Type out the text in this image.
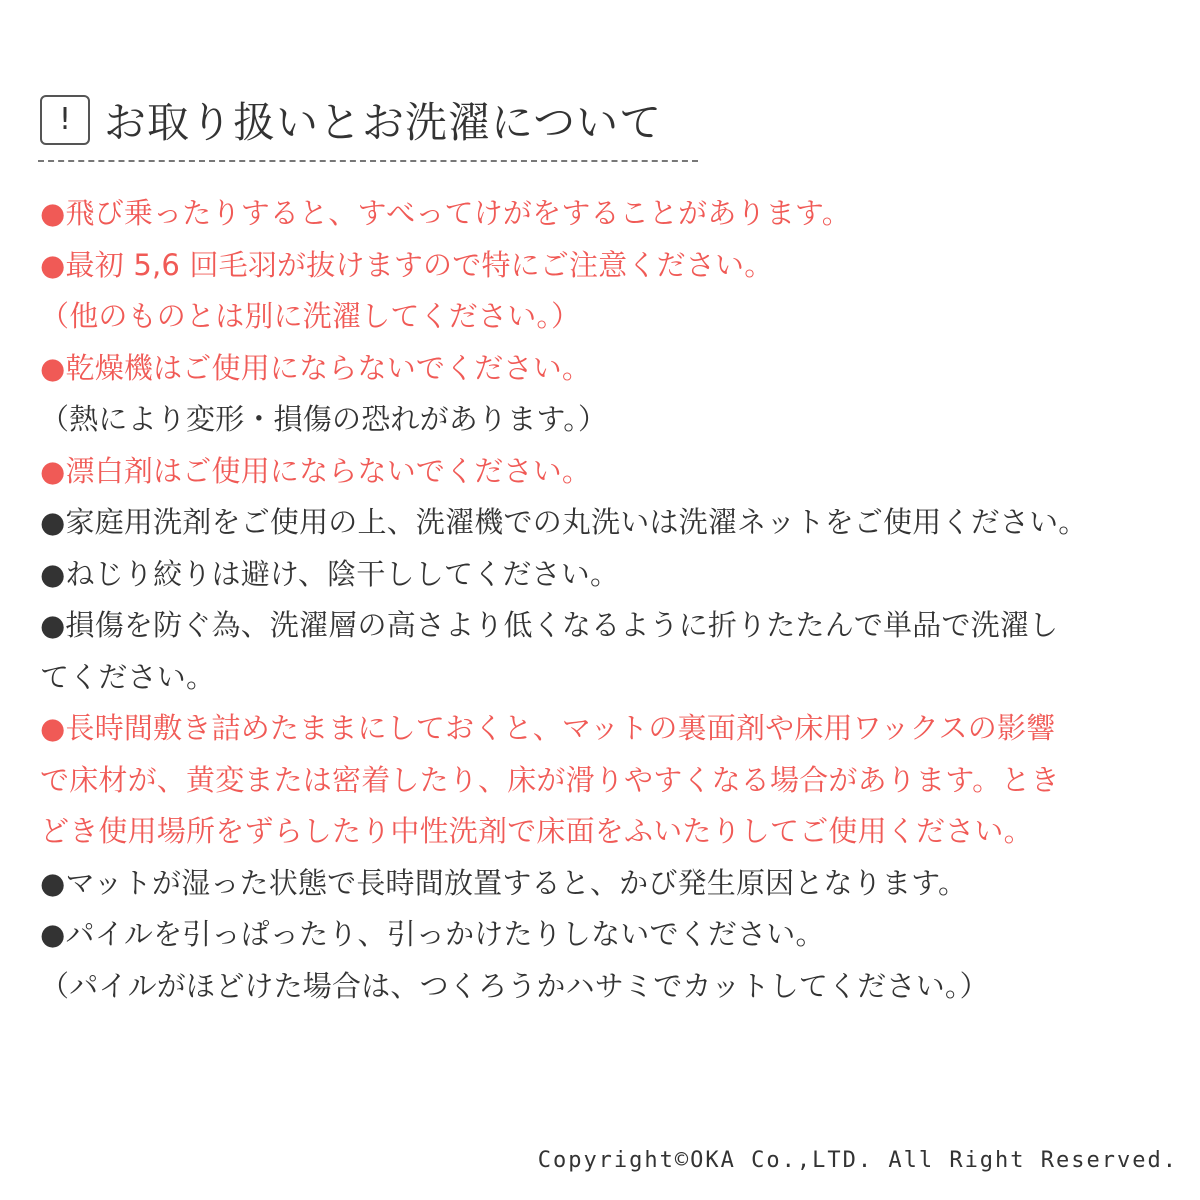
! お取り扱いとお洗濯について
●飛び乗ったりすると、すべってけがをすることがあります。
●最初 5,6 回毛羽が抜けますので特にご注意ください。
（他のものとは別に洗濯してください。）
●乾燥機はご使用にならないでください。
（熱により変形・損傷の恐れがあります。）
●漂白剤はご使用にならないでください。
●家庭用洗剤をご使用の上、洗濯機での丸洗いは洗濯ネットをご使用ください。
●ねじり絞りは避け、陰干ししてください。
●損傷を防ぐ為、洗濯層の高さより低くなるように折りたたんで単品で洗濯し
てください。
●長時間敷き詰めたままにしておくと、マットの裏面剤や床用ワックスの影響
で床材が、黄変または密着したり、床が滑りやすくなる場合があります。とき
どき使用場所をずらしたり中性洗剤で床面をふいたりしてご使用ください。
●マットが湿った状態で長時間放置すると、かび発生原因となります。
●パイルを引っぱったり、引っかけたりしないでください。
（パイルがほどけた場合は、つくろうかハサミでカットしてください。）
Copyright©OKA Co.,LTD. All Right Reserved.
